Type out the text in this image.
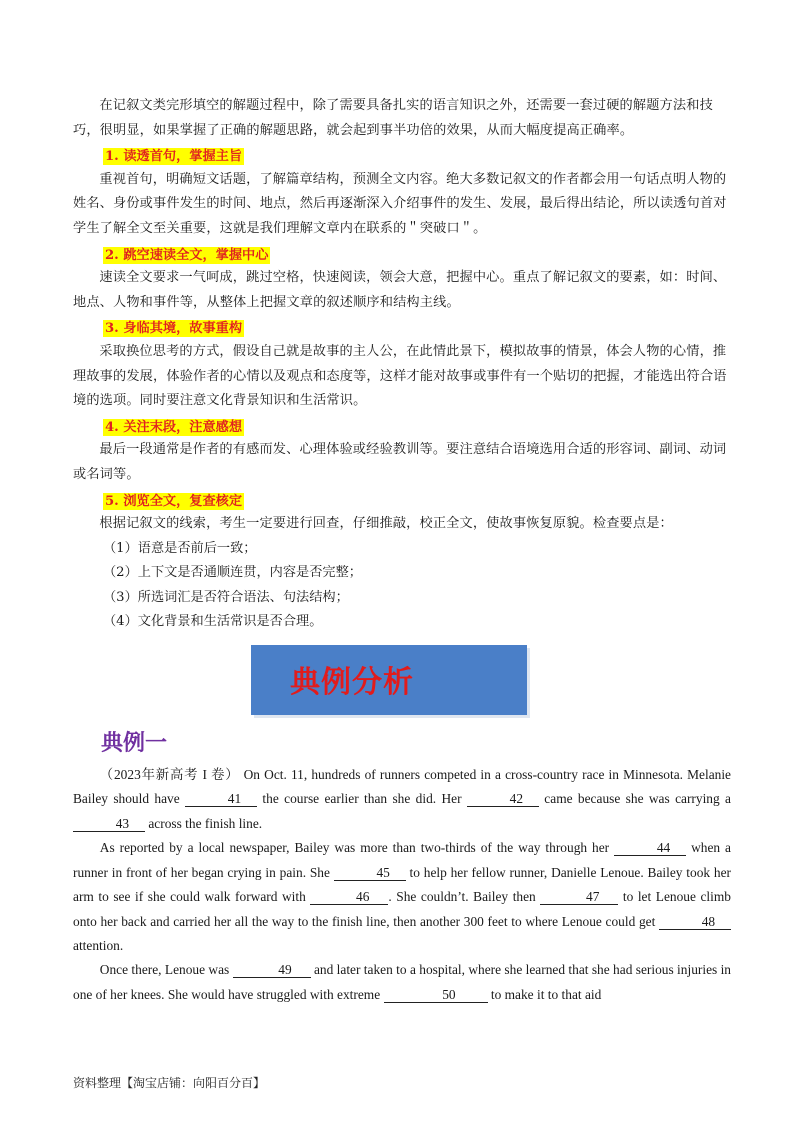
在记叙文类完形填空的解题过程中，除了需要具备扎实的语言知识之外，还需要一套过硬的解题方法和技巧，很明显，如果掌握了正确的解题思路，就会起到事半功倍的效果，从而大幅度提高正确率。

1. 读透首句，掌握主旨

重视首句，明确短文话题，了解篇章结构，预测全文内容。绝大多数记叙文的作者都会用一句话点明人物的姓名、身份或事件发生的时间、地点，然后再逐渐深入介绍事件的发生、发展，最后得出结论，所以读透句首对学生了解全文至关重要，这就是我们理解文章内在联系的＂突破口＂。

2. 跳空速读全文，掌握中心

速读全文要求一气呵成，跳过空格，快速阅读，领会大意，把握中心。重点了解记叙文的要素，如：时间、地点、人物和事件等，从整体上把握文章的叙述顺序和结构主线。

3. 身临其境，故事重构

采取换位思考的方式，假设自己就是故事的主人公，在此情此景下，模拟故事的情景，体会人物的心情，推理故事的发展，体验作者的心情以及观点和态度等，这样才能对故事或事件有一个贴切的把握，才能选出符合语境的选项。同时要注意文化背景知识和生活常识。

4. 关注末段，注意感想

最后一段通常是作者的有感而发、心理体验或经验教训等。要注意结合语境选用合适的形容词、副词、动词或名词等。

5. 浏览全文，复查核定

根据记叙文的线索，考生一定要进行回查，仔细推敲，校正全文，使故事恢复原貌。检查要点是：

（1）语意是否前后一致；

（2）上下文是否通顺连贯，内容是否完整；

（3）所选词汇是否符合语法、句法结构；

（4）文化背景和生活常识是否合理。

典例分析
典例一

（2023年新高考 I 卷） On Oct. 11, hundreds of runners competed in a cross-country race in Minnesota. Melanie Bailey should have	41 the course earlier than she did. Her	42 came because she was carrying a 43 across the finish line.

As reported by a local newspaper, Bailey was more than two-thirds of the way through her	44 when a runner in front of her began crying in pain. She	45 to help her fellow runner, Danielle Lenoue. Bailey took her arm to see if she could walk forward with	46 . She couldn’t. Bailey then	47 to let Lenoue climb onto her back and carried her all the way to the finish line, then another 300 feet to where Lenoue could get	48 attention.

Once there, Lenoue was	49 and later taken to a hospital, where she learned that she had serious injuries in one of her knees. She would have struggled with extreme	50 to make it to that aid

资料整理【淘宝店铺：向阳百分百】
